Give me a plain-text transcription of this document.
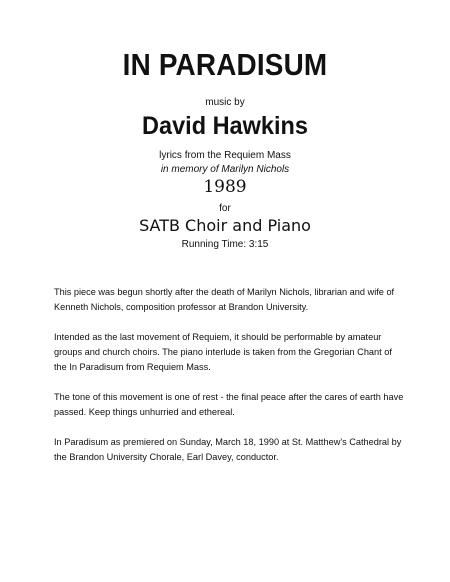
IN PARADISUM
music by
David Hawkins
lyrics from the Requiem Mass
in memory of Marilyn Nichols
1989
for
SATB Choir and Piano
Running Time: 3:15

This piece was begun shortly after the death of Marilyn Nichols, librarian and wife of Kenneth Nichols, composition professor at Brandon University.

Intended as the last movement of Requiem, it should be performable by amateur groups and church choirs. The piano interlude is taken from the Gregorian Chant of the In Paradisum from Requiem Mass.

The tone of this movement is one of rest - the final peace after the cares of earth have passed. Keep things unhurried and ethereal.

In Paradisum as premiered on Sunday, March 18, 1990 at St. Matthew's Cathedral by the Brandon University Chorale, Earl Davey, conductor.
